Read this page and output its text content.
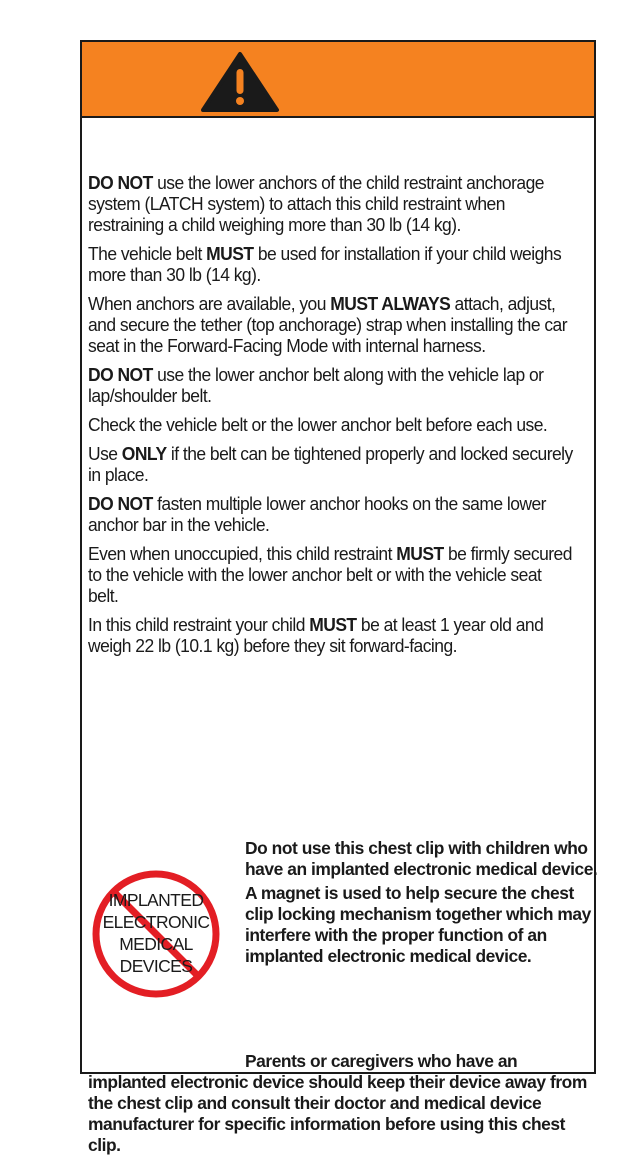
DO NOT use the lower anchors of the child restraint anchorage system (LATCH system) to attach this child restraint when restraining a child weighing more than 30 lb (14 kg).

The vehicle belt MUST be used for installation if your child weighs more than 30 lb (14 kg).

When anchors are available, you MUST ALWAYS attach, adjust, and secure the tether (top anchorage) strap when installing the car seat in the Forward-Facing Mode with internal harness.

DO NOT use the lower anchor belt along with the vehicle lap or lap/shoulder belt.

Check the vehicle belt or the lower anchor belt before each use.

Use ONLY if the belt can be tightened properly and locked securely in place.

DO NOT fasten multiple lower anchor hooks on the same lower anchor bar in the vehicle.

Even when unoccupied, this child restraint MUST be firmly secured to the vehicle with the lower anchor belt or with the vehicle seat belt.

In this child restraint your child MUST be at least 1 year old and weigh 22 lb (10.1 kg) before they sit forward-facing.

IMPLANTED
ELECTRONIC
MEDICAL
DEVICES
Do not use this chest clip with children who have an implanted electronic medical device.
A magnet is used to help secure the chest clip locking mechanism together which may interfere with the proper function of an implanted electronic medical device.
Parents or caregivers who have an implanted electronic device should keep their device away from the chest clip and consult their doctor and medical device manufacturer for specific information before using this chest clip.
